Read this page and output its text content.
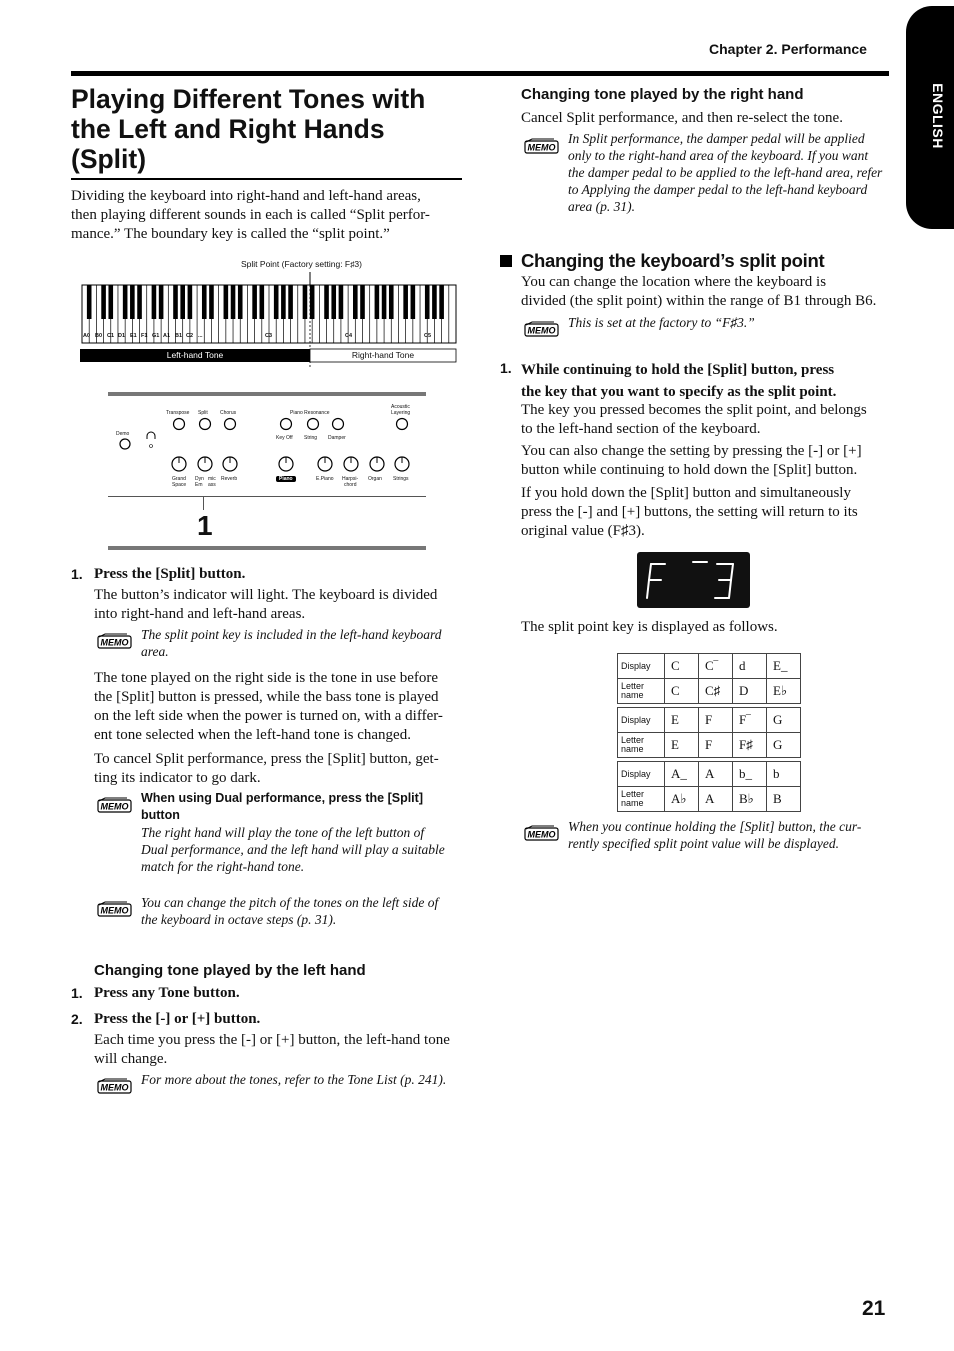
Chapter 2. Performance
ENGLISH
Playing Different Tones with
the Left and Right Hands
(Split)
Dividing the keyboard into right-hand and left-hand areas,
then playing different sounds in each is called “Split perfor-
mance.” The boundary key is called the “split point.”
Split Point (Factory setting: F♯3)
A0 B0 C1 D1 E1 F1 G1 A1 B1 C2 ...	C3	C4	C5
Left-hand Tone	Right-hand Tone
1
Demo
Transpose Split Chorus	Piano Resonance
Key Off String Damper
Acoustic
Layering
Grand
Space
Dyn mic
Em ass
Reverb	Piano	E.Piano Harpsi-
chord
Organ Strings
1. Press the [Split] button.
The button’s indicator will light. The keyboard is divided
into right-hand and left-hand areas.
MEMO
The split point key is included in the left-hand keyboard
area.
The tone played on the right side is the tone in use before
the [Split] button is pressed, while the bass tone is played
on the left side when the power is turned on, with a differ-
ent tone selected when the left-hand tone is changed.
To cancel Split performance, press the [Split] button, get-
ting its indicator to go dark.
MEMO
When using Dual performance, press the [Split]
button
The right hand will play the tone of the left button of
Dual performance, and the left hand will play a suitable
match for the right-hand tone.
MEMO
You can change the pitch of the tones on the left side of
the keyboard in octave steps (p. 31).
Changing tone played by the left hand
1. Press any Tone button.
2. Press the [-] or [+] button.
Each time you press the [-] or [+] button, the left-hand tone
will change.
MEMO
For more about the tones, refer to the Tone List (p. 241).
Changing tone played by the right hand
Cancel Split performance, and then re-select the tone.
MEMO
In Split performance, the damper pedal will be applied
only to the right-hand area of the keyboard. If you want
the damper pedal to be applied to the left-hand area, refer
to Applying the damper pedal to the left-hand keyboard
area (p. 31).
Changing the keyboard’s split point
You can change the location where the keyboard is
divided (the split point) within the range of B1 through B6.
MEMO
This is set at the factory to “F♯3.”
1. While continuing to hold the [Split] button, press
the key that you want to specify as the split point.
The key you pressed becomes the split point, and belongs
to the left-hand section of the keyboard.
You can also change the setting by pressing the [-] or [+]
button while continuing to hold down the [Split] button.
If you hold down the [Split] button and simultaneously
press the [-] and [+] buttons, the setting will return to its
original value (F♯3).
The split point key is displayed as follows.
Display	C	C‾	d	E_
Letter
name	C	C♯	D	E♭

Display	E	F	F‾	G
Letter
name	E	F	F♯	G

Display	A_	A	b_	b
Letter
name	A♭	A	B♭	B
MEMO
When you continue holding the [Split] button, the cur-
rently specified split point value will be displayed.
21
